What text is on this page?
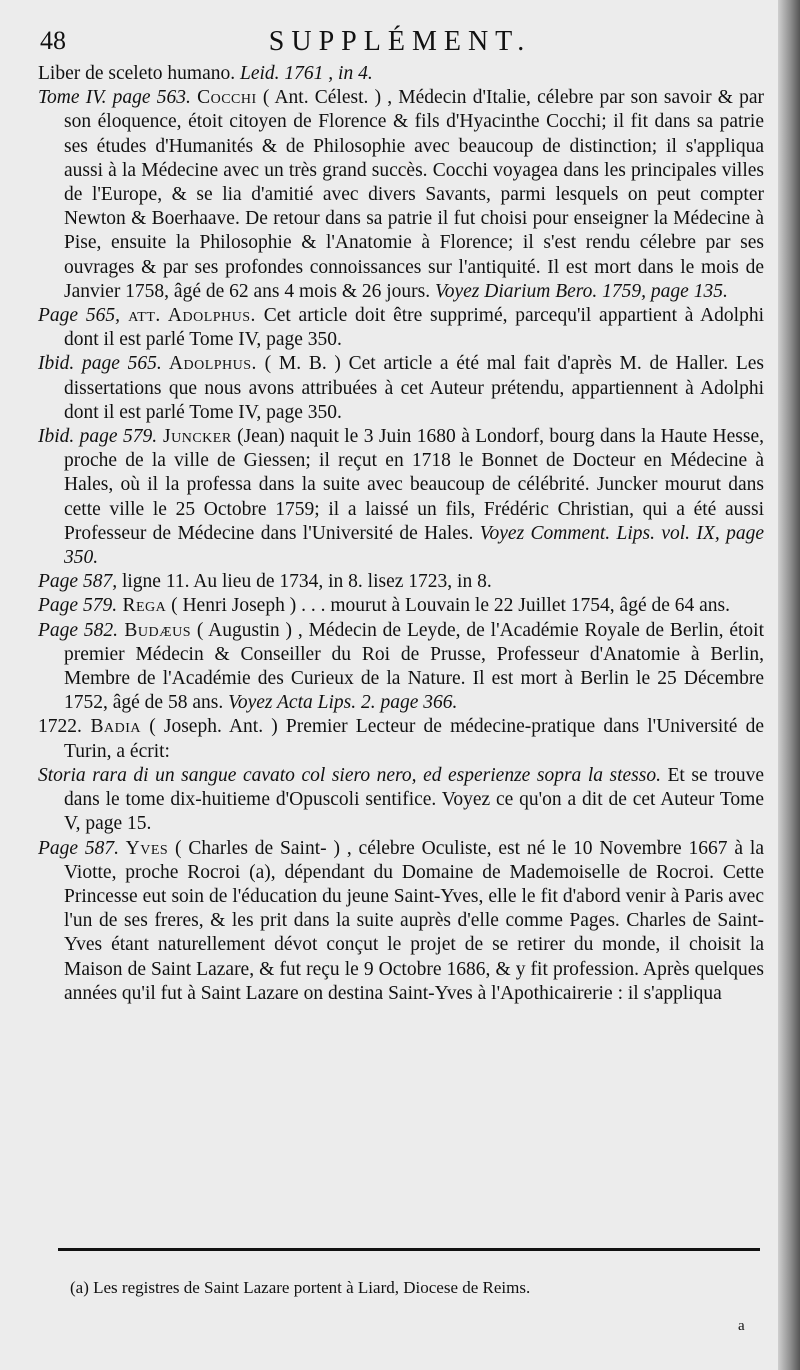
48	SUPPLÉMENT.

Liber de sceleto humano. Leid. 1761 , in 4.

Tome IV. page 563. Cocchi ( Ant. Célest. ) , Médecin d'Italie, célebre par son savoir & par son éloquence, étoit citoyen de Florence & fils d'Hyacinthe Cocchi; il fit dans sa patrie ses études d'Humanités & de Philosophie avec beaucoup de distinction; il s'appliqua aussi à la Médecine avec un très grand succès. Cocchi voyagea dans les principales villes de l'Europe, & se lia d'amitié avec divers Savants, parmi lesquels on peut compter Newton & Boerhaave. De retour dans sa patrie il fut choisi pour enseigner la Médecine à Pise, ensuite la Philosophie & l'Anatomie à Florence; il s'est rendu célebre par ses ouvrages & par ses profondes connoissances sur l'antiquité. Il est mort dans le mois de Janvier 1758, âgé de 62 ans 4 mois & 26 jours. Voyez Diarium Bero. 1759, page 135.

Page 565, att. Adolphus. Cet article doit être supprimé, parcequ'il appartient à Adolphi dont il est parlé Tome IV, page 350.

Ibid. page 565. Adolphus. ( M. B. ) Cet article a été mal fait d'après M. de Haller. Les dissertations que nous avons attribuées à cet Auteur prétendu, appartiennent à Adolphi dont il est parlé Tome IV, page 350.

Ibid. page 579. Juncker (Jean) naquit le 3 Juin 1680 à Londorf, bourg dans la Haute Hesse, proche de la ville de Giessen; il reçut en 1718 le Bonnet de Docteur en Médecine à Hales, où il la professa dans la suite avec beaucoup de célébrité. Juncker mourut dans cette ville le 25 Octobre 1759; il a laissé un fils, Frédéric Christian, qui a été aussi Professeur de Médecine dans l'Université de Hales. Voyez Comment. Lips. vol. IX, page 350.

Page 587, ligne 11. Au lieu de 1734, in 8. lisez 1723, in 8.

Page 579. Rega ( Henri Joseph ) . . . mourut à Louvain le 22 Juillet 1754, âgé de 64 ans.

Page 582. Budæus ( Augustin ) , Médecin de Leyde, de l'Académie Royale de Berlin, étoit premier Médecin & Conseiller du Roi de Prusse, Professeur d'Anatomie à Berlin, Membre de l'Académie des Curieux de la Nature. Il est mort à Berlin le 25 Décembre 1752, âgé de 58 ans. Voyez Acta Lips. 2. page 366.

1722. Badia ( Joseph. Ant. ) Premier Lecteur de médecine-pratique dans l'Université de Turin, a écrit:

Storia rara di un sangue cavato col siero nero, ed esperienze sopra la stesso. Et se trouve dans le tome dix-huitieme d'Opuscoli sentifice. Voyez ce qu'on a dit de cet Auteur Tome V, page 15.

Page 587. Yves ( Charles de Saint- ) , célebre Oculiste, est né le 10 Novembre 1667 à la Viotte, proche Rocroi (a), dépendant du Domaine de Mademoiselle de Rocroi. Cette Princesse eut soin de l'éducation du jeune Saint-Yves, elle le fit d'abord venir à Paris avec l'un de ses freres, & les prit dans la suite auprès d'elle comme Pages. Charles de Saint-Yves étant naturellement dévot conçut le projet de se retirer du monde, il choisit la Maison de Saint Lazare, & fut reçu le 9 Octobre 1686, & y fit profession. Après quelques années qu'il fut à Saint Lazare on destina Saint-Yves à l'Apothicairerie : il s'appliqua

(a) Les registres de Saint Lazare portent à Liard, Diocese de Reims.
a
